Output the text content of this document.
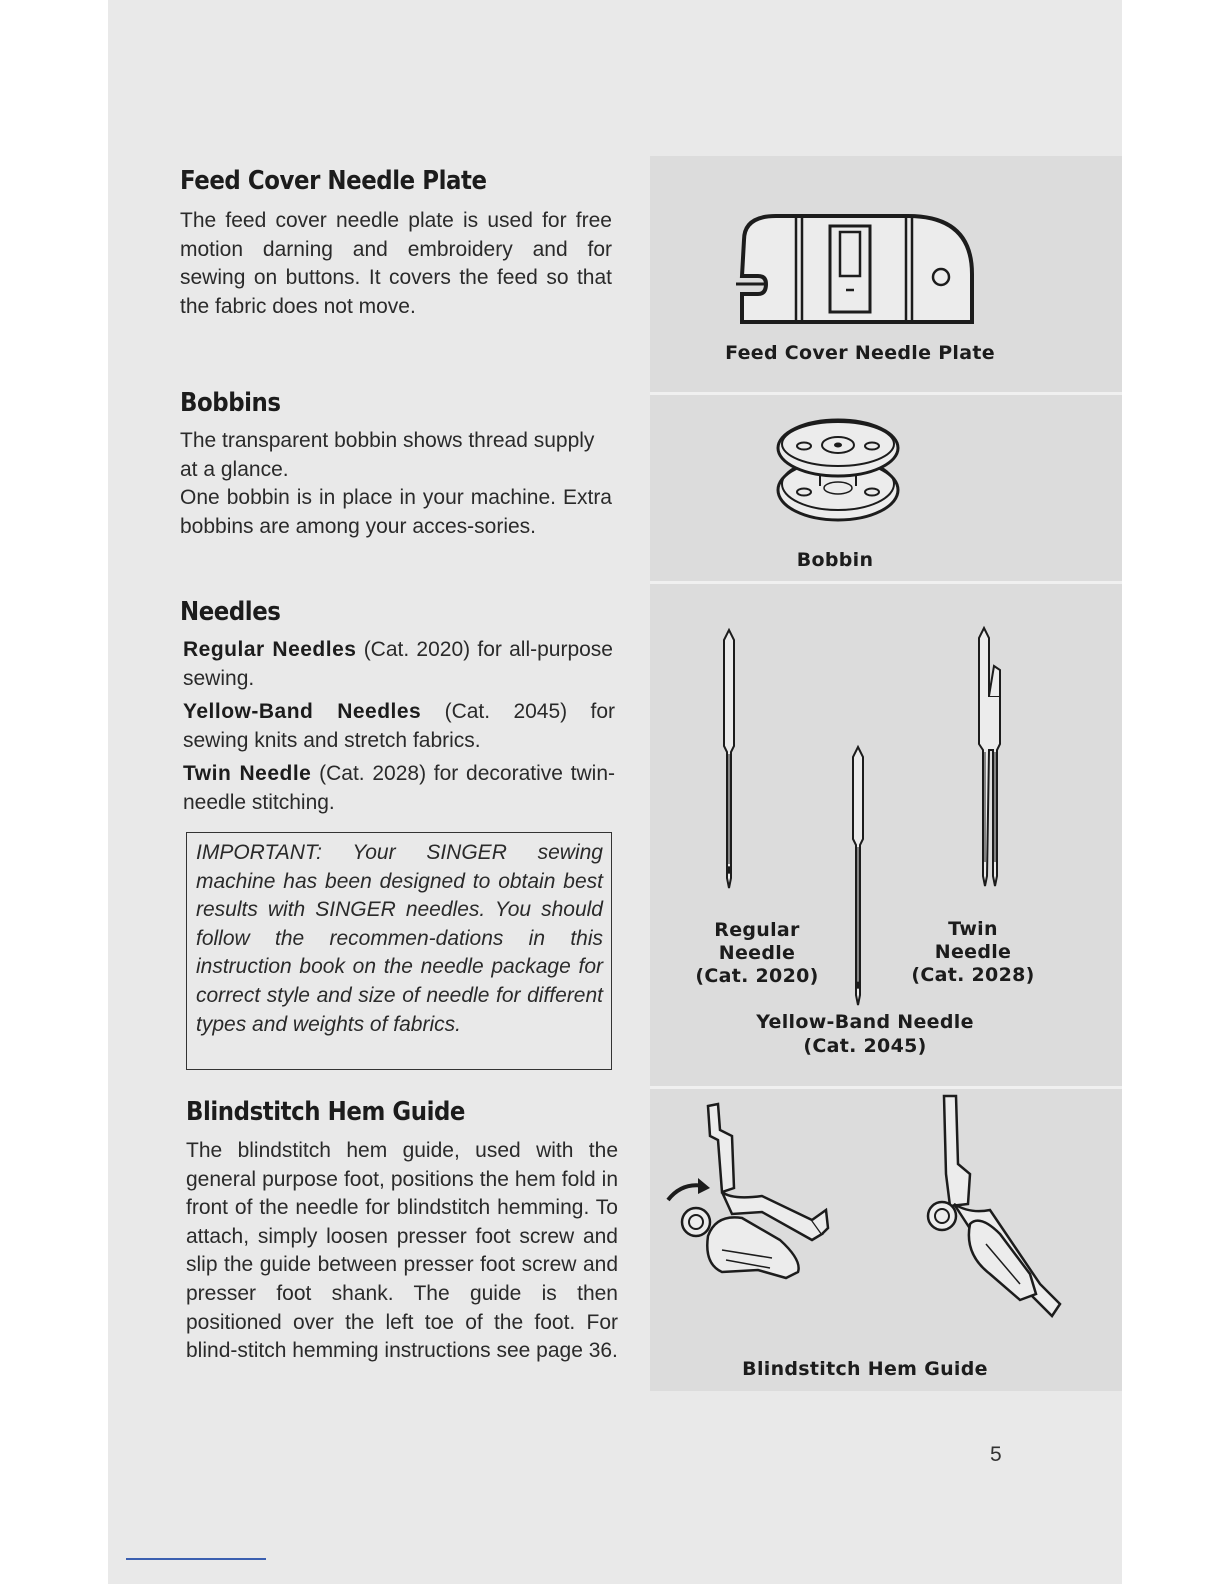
Feed Cover Needle Plate

The feed cover needle plate is used for free motion darning and embroidery and for sewing on buttons. It covers the feed so that the fabric does not move.

Feed Cover Needle Plate

Bobbins

The transparent bobbin shows thread supply at a glance.

One bobbin is in place in your machine. Extra bobbins are among your acces-sories.

Bobbin

Needles

Regular Needles (Cat. 2020) for all-purpose sewing.

Yellow-Band Needles (Cat. 2045) for sewing knits and stretch fabrics.

Twin Needle (Cat. 2028) for decorative twin-needle stitching.

IMPORTANT: Your SINGER sewing machine has been designed to obtain best results with SINGER needles. You should follow the recommen-dations in this instruction book on the needle package for correct style and size of needle for different types and weights of fabrics.

Regular

Needle

(Cat. 2020)

Twin

Needle

(Cat. 2028)

Yellow-Band Needle

(Cat. 2045)

Blindstitch Hem Guide

The blindstitch hem guide, used with the general purpose foot, positions the hem fold in front of the needle for blindstitch hemming. To attach, simply loosen presser foot screw and slip the guide between presser foot screw and presser foot shank. The guide is then positioned over the left toe of the foot. For blind-stitch hemming instructions see page 36.

Blindstitch Hem Guide

5
